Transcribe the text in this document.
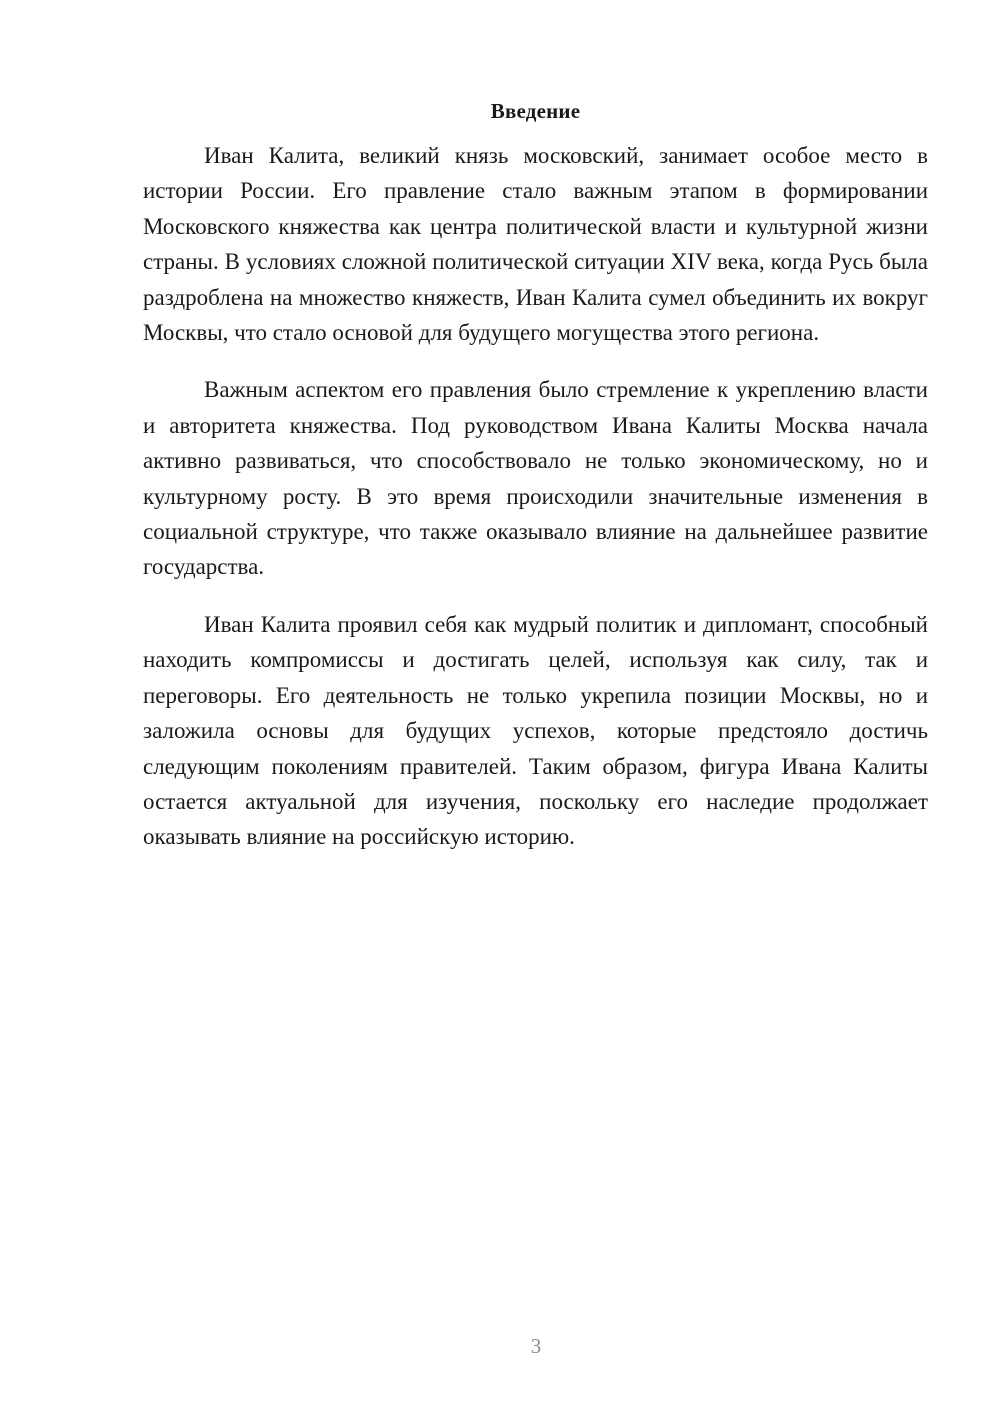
Введение

Иван Калита, великий князь московский, занимает особое место в истории России. Его правление стало важным этапом в формировании Московского княжества как центра политической власти и культурной жизни страны. В условиях сложной политической ситуации XIV века, когда Русь была раздроблена на множество княжеств, Иван Калита сумел объединить их вокруг Москвы, что стало основой для будущего могущества этого региона.

Важным аспектом его правления было стремление к укреплению власти и авторитета княжества. Под руководством Ивана Калиты Москва начала активно развиваться, что способствовало не только экономическому, но и культурному росту. В это время происходили значительные изменения в социальной структуре, что также оказывало влияние на дальнейшее развитие государства.

Иван Калита проявил себя как мудрый политик и дипломант, способный находить компромиссы и достигать целей, используя как силу, так и переговоры. Его деятельность не только укрепила позиции Москвы, но и заложила основы для будущих успехов, которые предстояло достичь следующим поколениям правителей. Таким образом, фигура Ивана Калиты остается актуальной для изучения, поскольку его наследие продолжает оказывать влияние на российскую историю.

3
